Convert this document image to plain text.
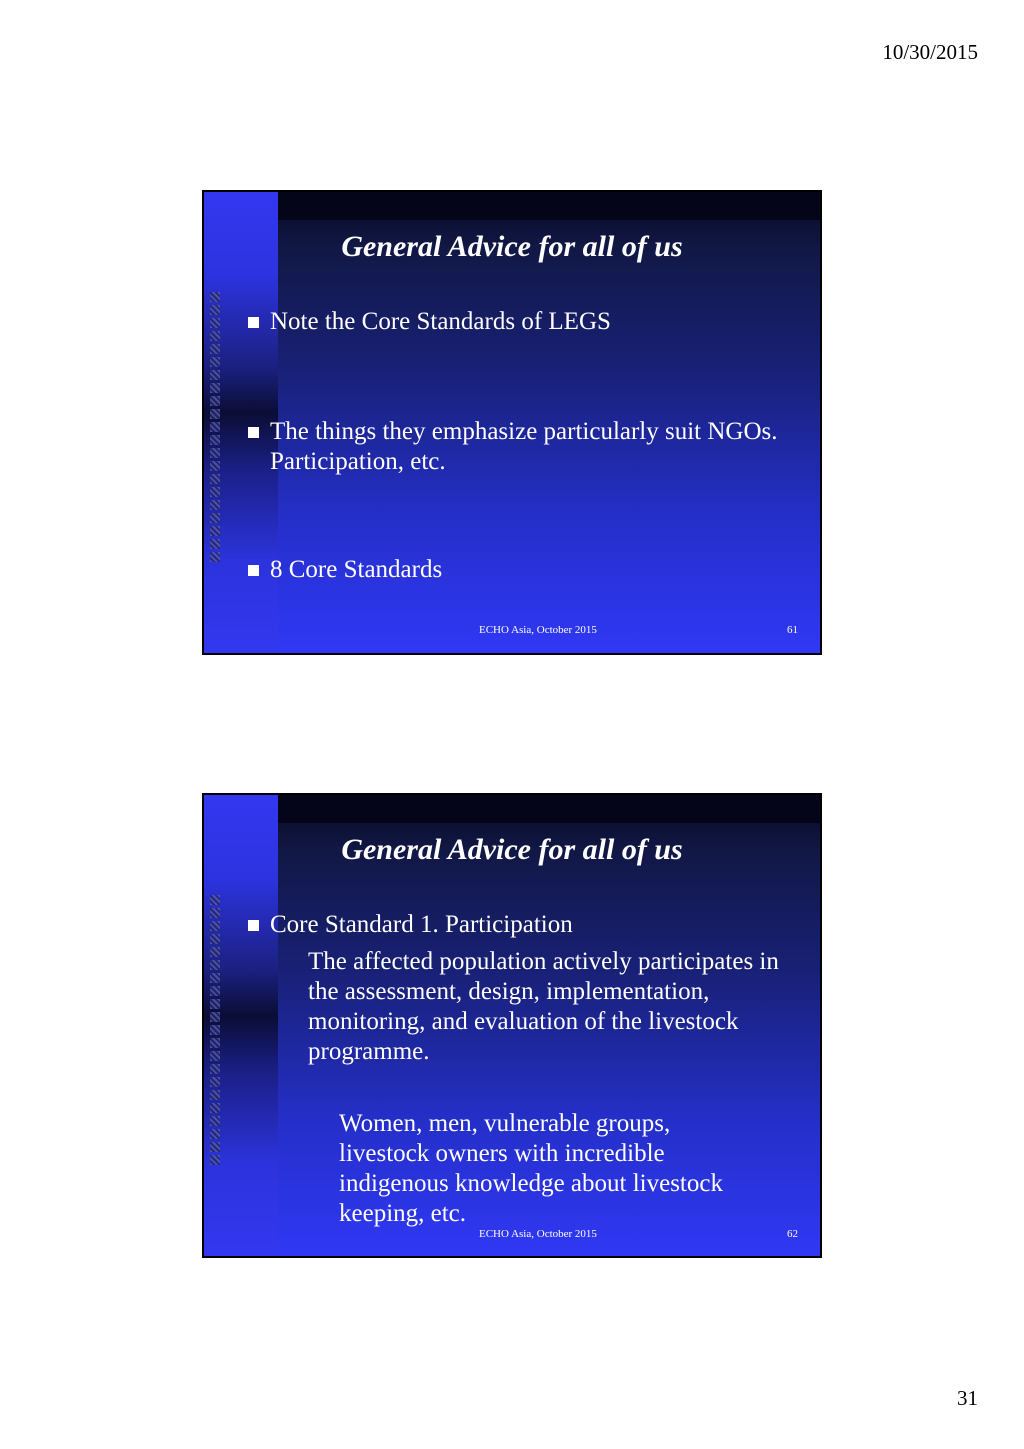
10/30/2015
General Advice for all of us
Note the Core Standards of LEGS
The things they emphasize particularly suit NGOs. Participation, etc.
8 Core Standards
ECHO Asia, October 2015	61
General Advice for all of us
Core Standard 1. Participation
The affected population actively participates in the assessment, design, implementation, monitoring, and evaluation of the livestock programme.
Women, men, vulnerable groups, livestock owners with incredible indigenous knowledge about livestock keeping, etc.
ECHO Asia, October 2015	62
31
